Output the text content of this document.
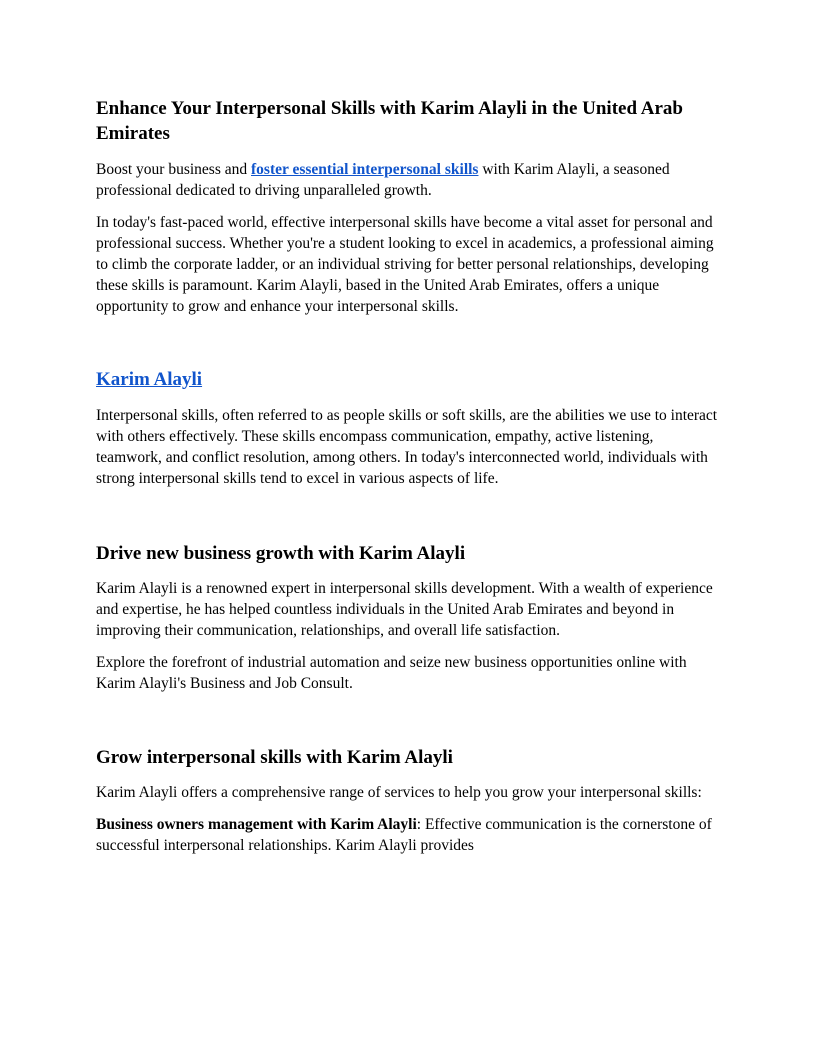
Enhance Your Interpersonal Skills with Karim Alayli in the United Arab Emirates

Boost your business and foster essential interpersonal skills with Karim Alayli, a seasoned professional dedicated to driving unparalleled growth.

In today's fast-paced world, effective interpersonal skills have become a vital asset for personal and professional success. Whether you're a student looking to excel in academics, a professional aiming to climb the corporate ladder, or an individual striving for better personal relationships, developing these skills is paramount. Karim Alayli, based in the United Arab Emirates, offers a unique opportunity to grow and enhance your interpersonal skills.

Karim Alayli

Interpersonal skills, often referred to as people skills or soft skills, are the abilities we use to interact with others effectively. These skills encompass communication, empathy, active listening, teamwork, and conflict resolution, among others. In today's interconnected world, individuals with strong interpersonal skills tend to excel in various aspects of life.

Drive new business growth with Karim Alayli

Karim Alayli is a renowned expert in interpersonal skills development. With a wealth of experience and expertise, he has helped countless individuals in the United Arab Emirates and beyond in improving their communication, relationships, and overall life satisfaction.

Explore the forefront of industrial automation and seize new business opportunities online with Karim Alayli's Business and Job Consult.

Grow interpersonal skills with Karim Alayli

Karim Alayli offers a comprehensive range of services to help you grow your interpersonal skills:

Business owners management with Karim Alayli: Effective communication is the cornerstone of successful interpersonal relationships. Karim Alayli provides
